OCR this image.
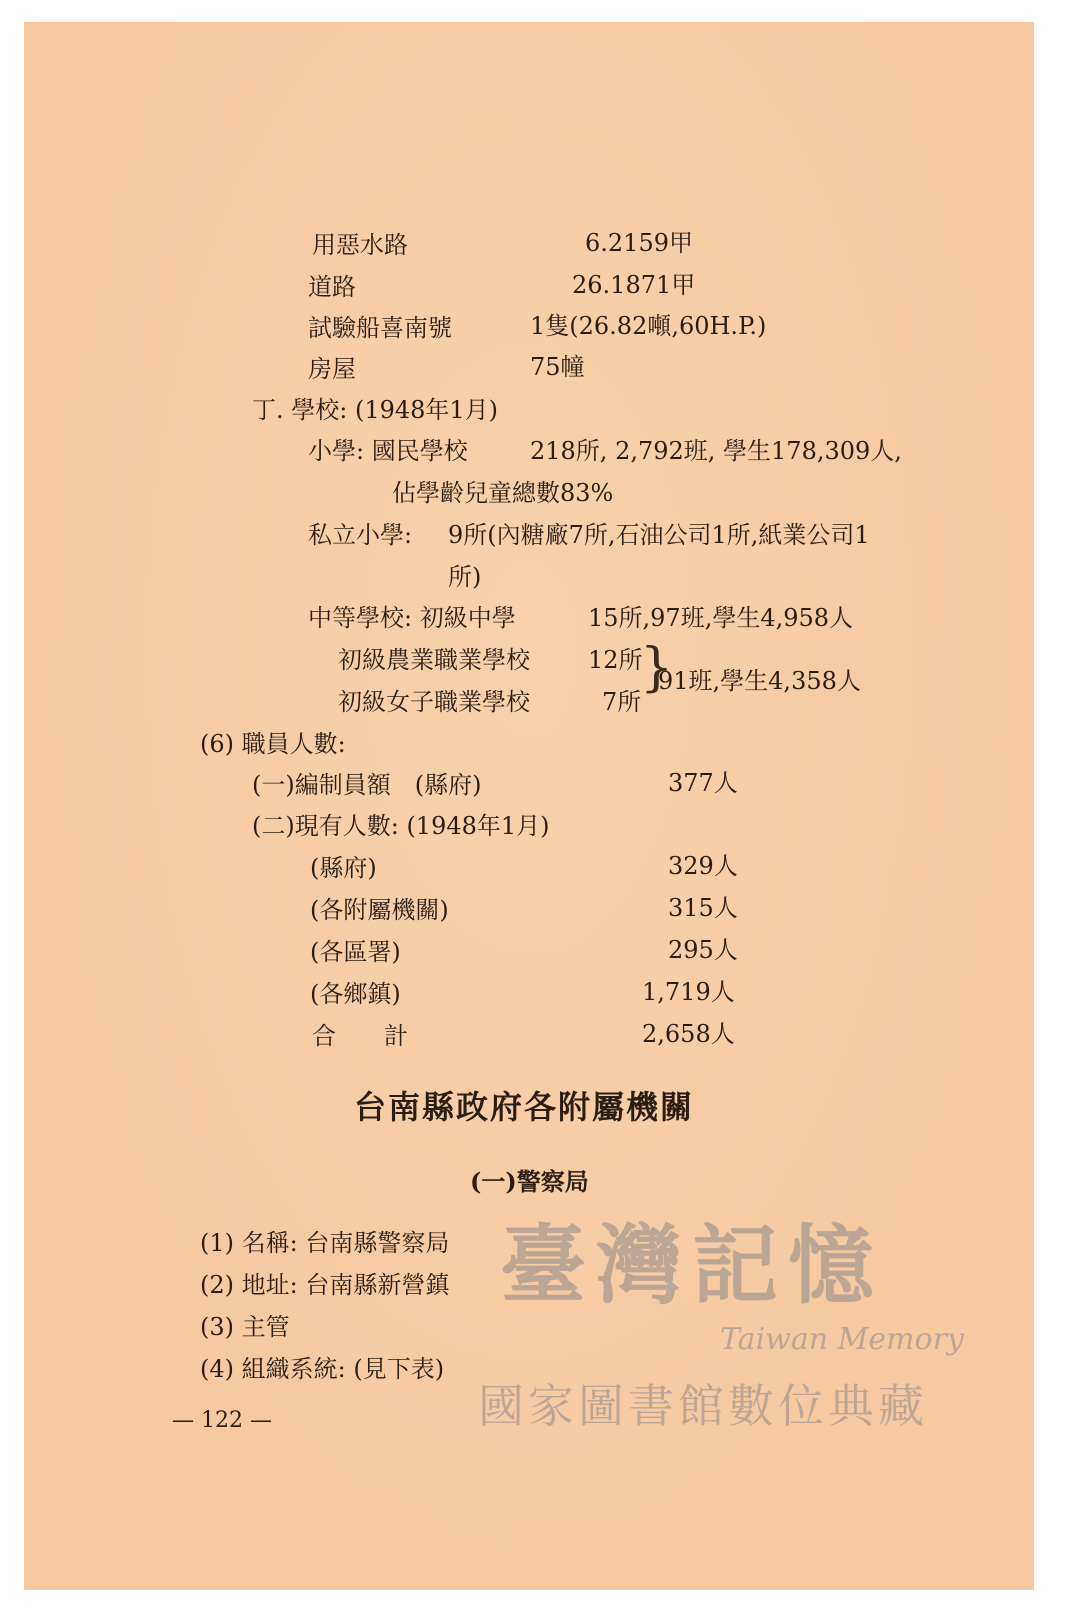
用惡水路	6.2159甲
道路	26.1871甲
試驗船喜南號	1隻(26.82噸,60H.P.)
房屋	75幢
丁. 學校: (1948年1月)
小學: 國民學校	218所, 2,792班, 學生178,309人,
佔學齡兒童總數83%
私立小學: 9所(內糖廠7所,石油公司1所,紙業公司1
所)
中等學校: 初級中學	15所,97班,學生4,958人
初級農業職業學校 12所
初級女子職業學校	7所
}
91班,學生4,358人
(6) 職員人數:
(一)編制員額　(縣府)	377人
(二)現有人數: (1948年1月)
(縣府)	329人
(各附屬機關)	315人
(各區署)	295人
(各鄉鎮)	1,719人
合　　計	2,658人
台南縣政府各附屬機關
(一)警察局
(1) 名稱: 台南縣警察局
(2) 地址: 台南縣新營鎮
(3) 主管
(4) 組織系統: (見下表)
— 122 —
臺灣記憶
Taiwan Memory
國家圖書館數位典藏
